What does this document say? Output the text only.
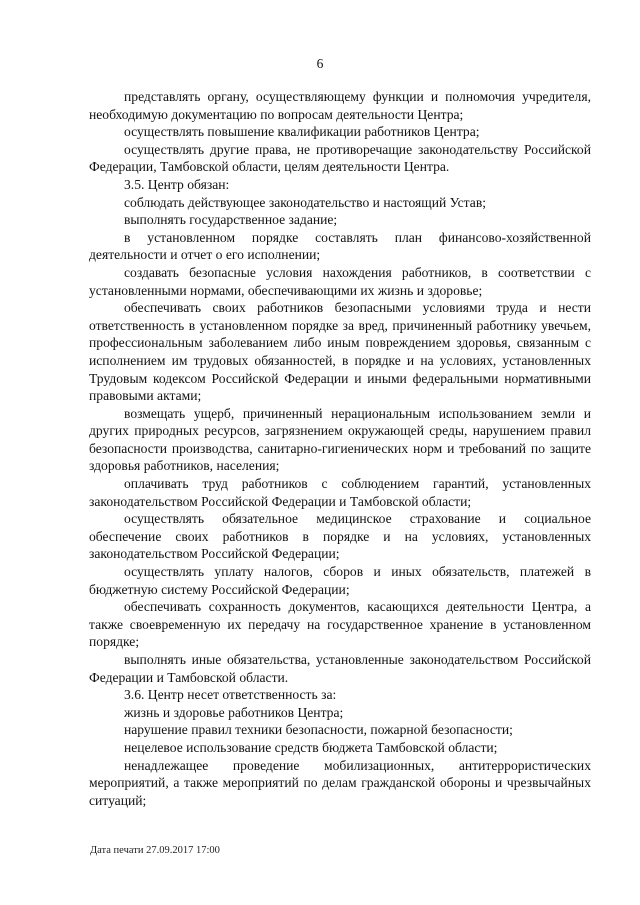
6

представлять органу, осуществляющему функции и полномочия учредителя, необходимую документацию по вопросам деятельности Центра;

осуществлять повышение квалификации работников Центра;

осуществлять другие права, не противоречащие законодательству Российской Федерации, Тамбовской области, целям деятельности Центра.

3.5. Центр обязан:

соблюдать действующее законодательство и настоящий Устав;

выполнять государственное задание;

в установленном порядке составлять план финансово-хозяйственной деятельности и отчет о его исполнении;

создавать безопасные условия нахождения работников, в соответствии с установленными нормами, обеспечивающими их жизнь и здоровье;

обеспечивать своих работников безопасными условиями труда и нести ответственность в установленном порядке за вред, причиненный работнику увечьем, профессиональным заболеванием либо иным повреждением здоровья, связанным с исполнением им трудовых обязанностей, в порядке и на условиях, установленных Трудовым кодексом Российской Федерации и иными федеральными нормативными правовыми актами;

возмещать ущерб, причиненный нерациональным использованием земли и других природных ресурсов, загрязнением окружающей среды, нарушением правил безопасности производства, санитарно-гигиенических норм и требований по защите здоровья работников, населения;

оплачивать труд работников с соблюдением гарантий, установленных законодательством Российской Федерации и Тамбовской области;

осуществлять обязательное медицинское страхование и социальное обеспечение своих работников в порядке и на условиях, установленных законодательством Российской Федерации;

осуществлять уплату налогов, сборов и иных обязательств, платежей в бюджетную систему Российской Федерации;

обеспечивать сохранность документов, касающихся деятельности Центра, а также своевременную их передачу на государственное хранение в установленном порядке;

выполнять иные обязательства, установленные законодательством Российской Федерации и Тамбовской области.

3.6. Центр несет ответственность за:

жизнь и здоровье работников Центра;

нарушение правил техники безопасности, пожарной безопасности;

нецелевое использование средств бюджета Тамбовской области;

ненадлежащее проведение мобилизационных, антитеррористических мероприятий, а также мероприятий по делам гражданской обороны и чрезвычайных ситуаций;

Дата печати 27.09.2017 17:00
